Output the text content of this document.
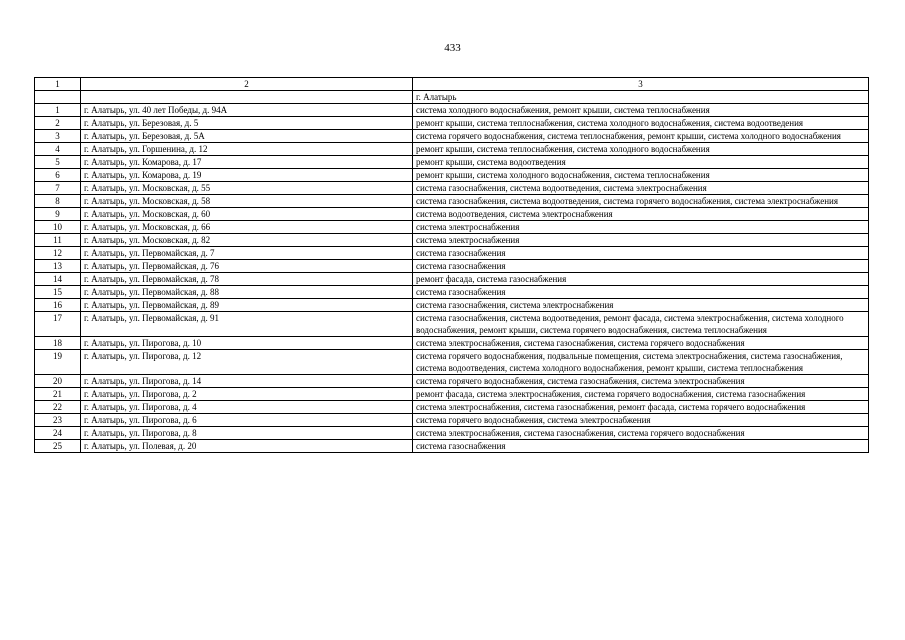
433
1	2	3
		г. Алатырь
1	г. Алатырь, ул. 40 лет Победы, д. 94А	система холодного водоснабжения, ремонт крыши, система теплоснабжения
2	г. Алатырь, ул. Березовая, д. 5	ремонт крыши, система теплоснабжения, система холодного водоснабжения, система водоотведения
3	г. Алатырь, ул. Березовая, д. 5А	система горячего водоснабжения, система теплоснабжения, ремонт крыши, система холодного водоснабжения
4	г. Алатырь, ул. Горшенина, д. 12	ремонт крыши, система теплоснабжения, система холодного водоснабжения
5	г. Алатырь, ул. Комарова, д. 17	ремонт крыши, система водоотведения
6	г. Алатырь, ул. Комарова, д. 19	ремонт крыши, система холодного водоснабжения, система теплоснабжения
7	г. Алатырь, ул. Московская, д. 55	система газоснабжения, система водоотведения, система электроснабжения
8	г. Алатырь, ул. Московская, д. 58	система газоснабжения, система водоотведения, система горячего водоснабжения, система электроснабжения
9	г. Алатырь, ул. Московская, д. 60	система водоотведения, система электроснабжения
10	г. Алатырь, ул. Московская, д. 66	система электроснабжения
11	г. Алатырь, ул. Московская, д. 82	система электроснабжения
12	г. Алатырь, ул. Первомайская, д. 7	система газоснабжения
13	г. Алатырь, ул. Первомайская, д. 76	система газоснабжения
14	г. Алатырь, ул. Первомайская, д. 78	ремонт фасада, система газоснабжения
15	г. Алатырь, ул. Первомайская, д. 88	система газоснабжения
16	г. Алатырь, ул. Первомайская, д. 89	система газоснабжения, система электроснабжения
17	г. Алатырь, ул. Первомайская, д. 91	система газоснабжения, система водоотведения, ремонт фасада, система электроснабжения, система холодного водоснабжения, ремонт крыши, система горячего водоснабжения, система теплоснабжения
18	г. Алатырь, ул. Пирогова, д. 10	система электроснабжения, система газоснабжения, система горячего водоснабжения
19	г. Алатырь, ул. Пирогова, д. 12	система горячего водоснабжения, подвальные помещения, система электроснабжения, система газоснабжения, система водоотведения, система холодного водоснабжения, ремонт крыши, система теплоснабжения
20	г. Алатырь, ул. Пирогова, д. 14	система горячего водоснабжения, система газоснабжения, система электроснабжения
21	г. Алатырь, ул. Пирогова, д. 2	ремонт фасада, система электроснабжения, система горячего водоснабжения, система газоснабжения
22	г. Алатырь, ул. Пирогова, д. 4	система электроснабжения, система газоснабжения, ремонт фасада, система горячего водоснабжения
23	г. Алатырь, ул. Пирогова, д. 6	система горячего водоснабжения, система электроснабжения
24	г. Алатырь, ул. Пирогова, д. 8	система электроснабжения, система газоснабжения, система горячего водоснабжения
25	г. Алатырь, ул. Полевая, д. 20	система газоснабжения
